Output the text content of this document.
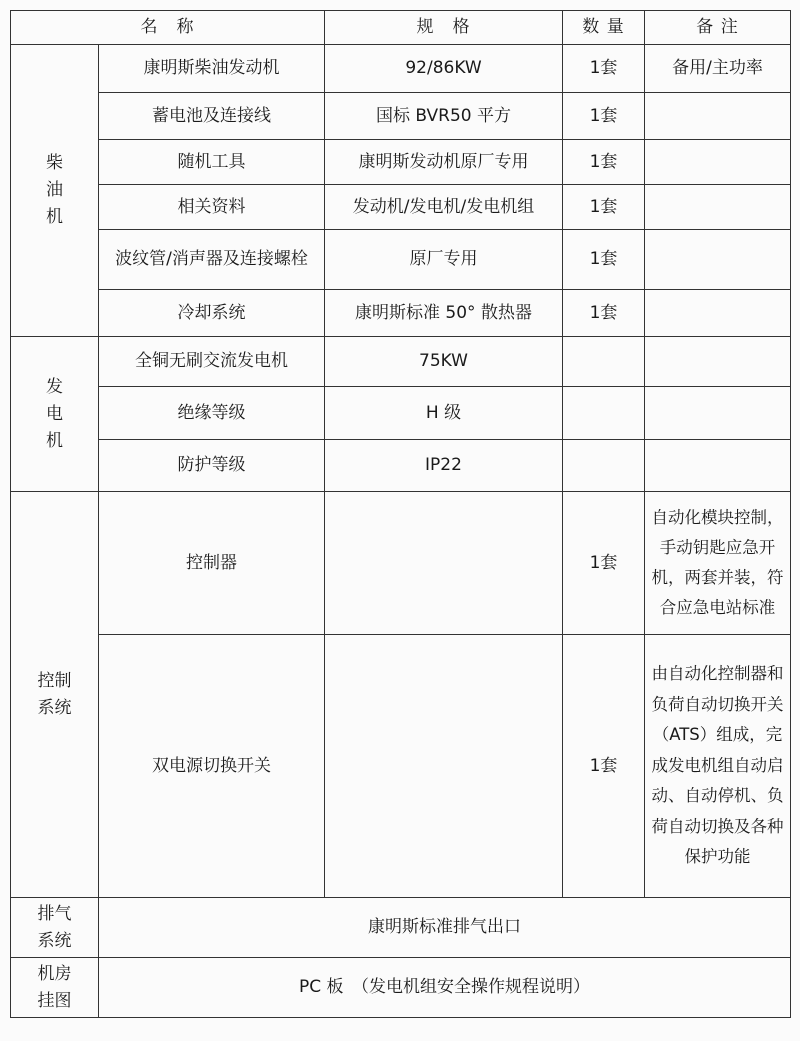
名　称		规　格	数 量	备 注
柴
油
机	康明斯柴油发动机	92/86KW	1套	备用/主功率
	蓄电池及连接线	国标 BVR50 平方	1套	
	随机工具	康明斯发动机原厂专用	1套	
	相关资料	发动机/发电机/发电机组	1套	
	波纹管/消声器及连接螺栓	原厂专用	1套	
	冷却系统	康明斯标准 50° 散热器	1套	
发
电
机	全铜无刷交流发电机	75KW		
	绝缘等级	H 级		
	防护等级	IP22		
控制
系统	控制器		1套	自动化模块控制，手动钥匙应急开机，两套并装，符合应急电站标准
	双电源切换开关		1套	由自动化控制器和负荷自动切换开关（ATS）组成，完成发电机组自动启动、自动停机、负荷自动切换及各种保护功能
排气
系统	康明斯标准排气出口			
机房
挂图	PC 板　（发电机组安全操作规程说明）			
